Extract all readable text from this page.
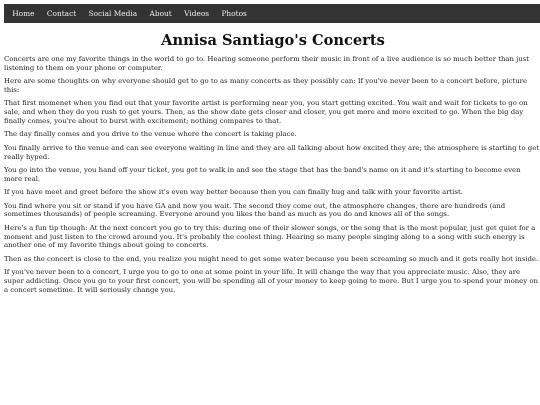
Home	Contact	Social Media	About	Videos	Photos
Annisa Santiago's Concerts

Concerts are one my favorite things in the world to go to. Hearing someone perform their music in front of a live audience is so much better than just listening to them on your phone or computer.

Here are some thoughts on why everyone should get to go to as many concerts as they possibly can: If you've never been to a concert before, picture this:

That first momenet when you find out that your favorite artist is performing near you, you start getting excited. You wait and wait for tickets to go on sale, and when they do you rush to get yours. Then, as the show date gets closer and closer, you get more and more excited to go. When the big day finally comes, you're about to burst with excitement; nothing compares to that.

The day finally comes and you drive to the venue where the concert is taking place.

You finally arrive to the venue and can see everyone waiting in line and they are all talking about how excited they are; the atmosphere is starting to get really hyped.

You go into the venue, you hand off your ticket, you get to walk in and see the stage that has the band's name on it and it's starting to become even more real.

If you have meet and greet before the show it's even way better because then you can finally hug and talk with your favorite artist.

You find where you sit or stand if you have GA and now you wait. The second they come out, the atmosphere changes, there are hundreds (and sometimes thousands) of people screaming. Everyone around you likes the band as much as you do and knows all of the songs.

Here's a fun tip though: At the next concert you go to try this: during one of their slower songs, or the song that is the most popular, just get quiet for a moment and just listen to the crowd around you. It's probably the coolest thing. Hearing so many people singing along to a song with such energy is another one of my favorite things about going to concerts.

Then as the concert is close to the end, you realize you might need to get some water because you been screaming so much and it gets really hot inside.

If you've never been to a concert, I urge you to go to one at some point in your life. It will change the way that you appreciate music. Also, they are super addicting. Once you go to your first concert, you will be spending all of your money to keep going to more. But I urge you to spend your money on a concert sometime. It will seriously change you.
